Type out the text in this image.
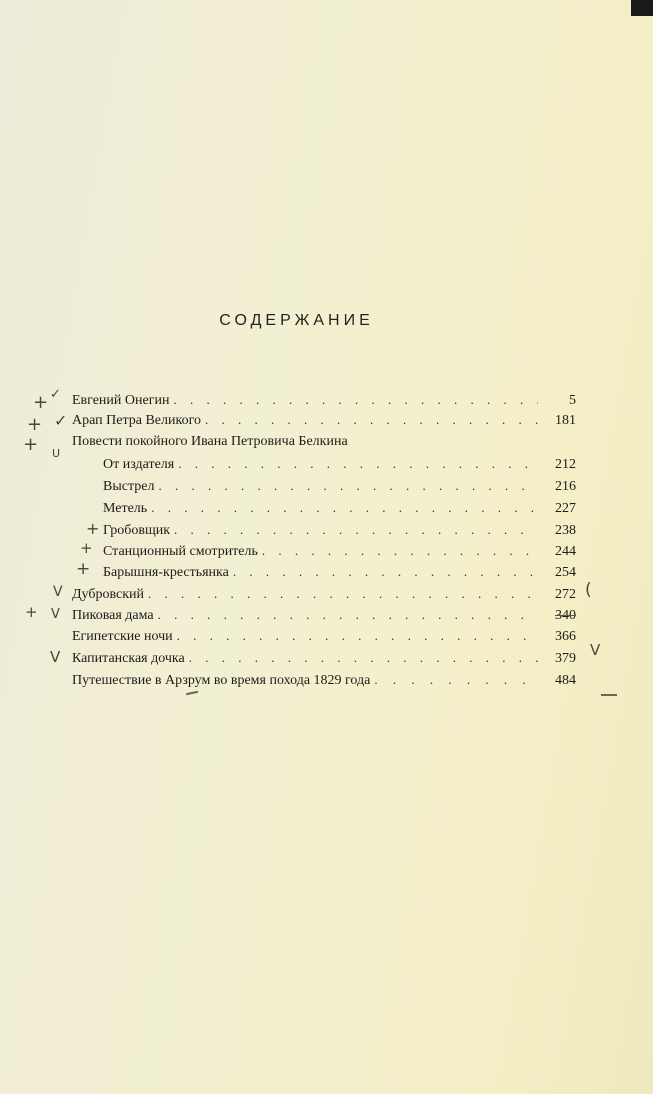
СОДЕРЖАНИЕ
Евгений Онегин . . .	5
Арап Петра Великого . . .	181
Повести покойного Ивана Петровича Белкина
От издателя . . .	212
Выстрел . . .	216
Метель . . .	227
Гробовщик . . .	238
Станционный смотритель . . .	244
Барышня-крестьянка . . .	254
Дубровский . . .	272
Пиковая дама . . .	340
Египетские ночи . . .	366
Капитанская дочка . . .	379
Путешествие в Арзрум во время похода 1829 года . . .	484
+ ✓
+ ✓
+ U
+
+
+
V	(
+ V
V	V
